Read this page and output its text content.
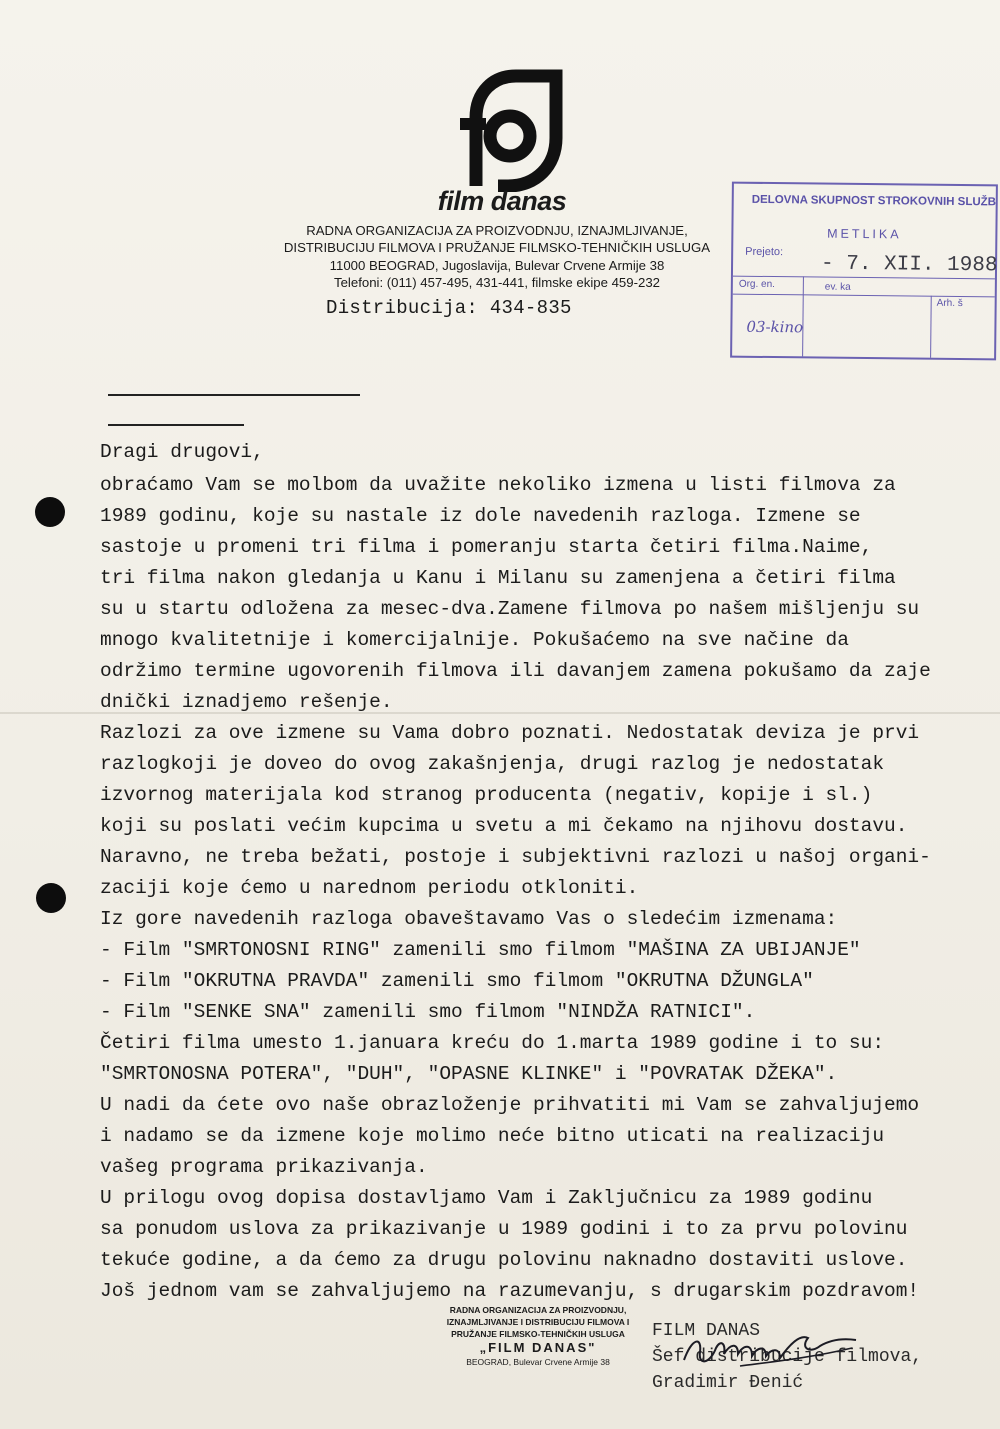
film danas
RADNA ORGANIZACIJA ZA PROIZVODNJU, IZNAJMLJIVANJE,
DISTRIBUCIJU FILMOVA I PRUŽANJE FILMSKO-TEHNIČKIH USLUGA
11000 BEOGRAD, Jugoslavija, Bulevar Crvene Armije 38
Telefoni: (011) 457-495, 431-441, filmske ekipe 459-232
Distribucija: 434-835
DELOVNA SKUPNOST STROKOVNIH SLUŽB
METLIKA
Prejeto:
- 7. XII. 1988
Org. en.	ev. ka
Arh. š
03-kino
Dragi drugovi,
obraćamo Vam se molbom da uvažite nekoliko izmena u listi filmova za
1989 godinu, koje su nastale iz dole navedenih razloga. Izmene se
sastoje u promeni tri filma i pomeranju starta četiri filma.Naime,
tri filma nakon gledanja u Kanu i Milanu su zamenjena a četiri filma
su u startu odložena za mesec-dva.Zamene filmova po našem mišljenju su
mnogo kvalitetnije i komercijalnije. Pokušaćemo na sve načine da
održimo termine ugovorenih filmova ili davanjem zamena pokušamo da zaje
dnički iznadjemo rešenje.
Razlozi za ove izmene su Vama dobro poznati. Nedostatak deviza je prvi
razlogkoji je doveo do ovog zakašnjenja, drugi razlog je nedostatak
izvornog materijala kod stranog producenta (negativ, kopije i sl.)
koji su poslati većim kupcima u svetu a mi čekamo na njihovu dostavu.
Naravno, ne treba bežati, postoje i subjektivni razlozi u našoj organi-
zaciji koje ćemo u narednom periodu otkloniti.
Iz gore navedenih razloga obaveštavamo Vas o sledećim izmenama:
- Film "SMRTONOSNI RING" zamenili smo filmom "MAŠINA ZA UBIJANJE"
- Film "OKRUTNA PRAVDA" zamenili smo filmom "OKRUTNA DŽUNGLA"
- Film "SENKE SNA" zamenili smo filmom "NINDŽA RATNICI".
Četiri filma umesto 1.januara kreću do 1.marta 1989 godine i to su:
"SMRTONOSNA POTERA", "DUH", "OPASNE KLINKE" i "POVRATAK DŽEKA".
U nadi da ćete ovo naše obrazloženje prihvatiti mi Vam se zahvaljujemo
i nadamo se da izmene koje molimo neće bitno uticati na realizaciju
vašeg programa prikazivanja.
U prilogu ovog dopisa dostavljamo Vam i Zaključnicu za 1989 godinu
sa ponudom uslova za prikazivanje u 1989 godini i to za prvu polovinu
tekuće godine, a da ćemo za drugu polovinu naknadno dostaviti uslove.
Još jednom vam se zahvaljujemo na razumevanju, s drugarskim pozdravom!
RADNA ORGANIZACIJA ZA PROIZVODNJU,
IZNAJMLJIVANJE I DISTRIBUCIJU FILMOVA I
PRUŽANJE FILMSKO-TEHNIČKIH USLUGA
„FILM DANAS"
BEOGRAD, Bulevar Crvene Armije 38
FILM DANAS
Šef distribucije filmova,
Gradimir Đenić
